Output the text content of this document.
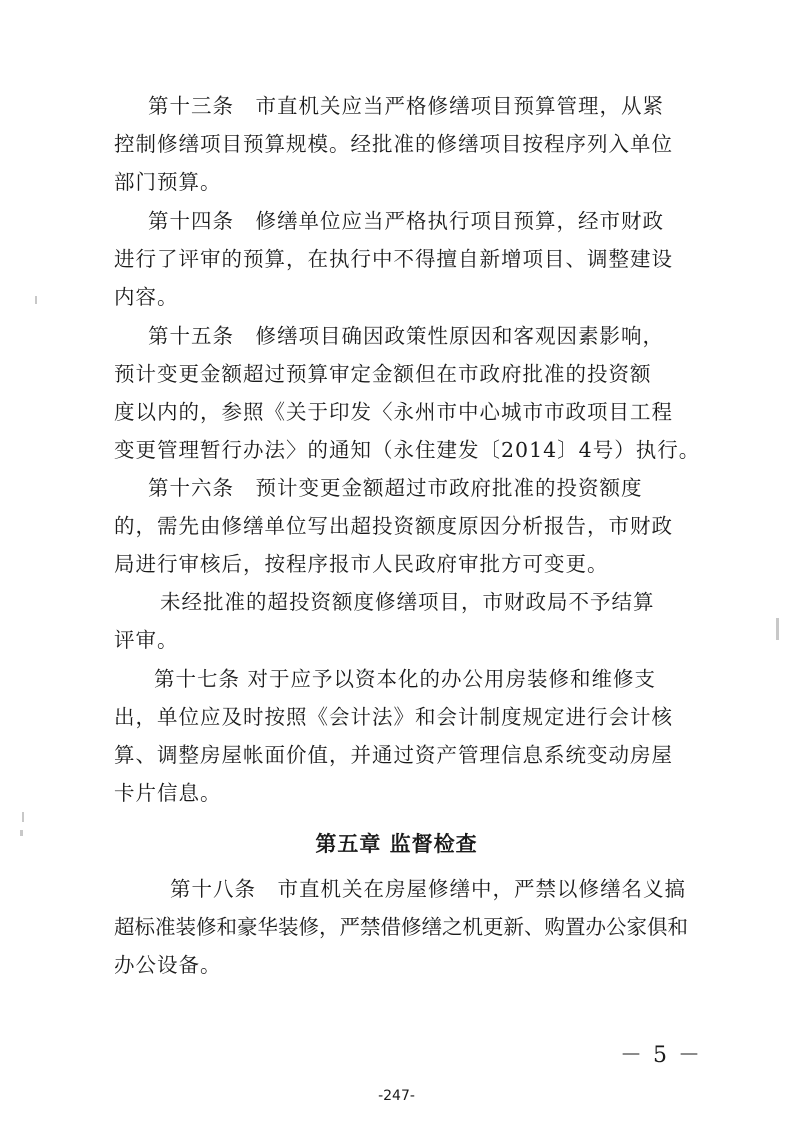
第十三条　市直机关应当严格修缮项目预算管理，从紧
控制修缮项目预算规模。经批准的修缮项目按程序列入单位
部门预算。
第十四条　修缮单位应当严格执行项目预算，经市财政
进行了评审的预算，在执行中不得擅自新增项目、调整建设
内容。
第十五条　修缮项目确因政策性原因和客观因素影响，
预计变更金额超过预算审定金额但在市政府批准的投资额
度以内的，参照《关于印发〈永州市中心城市市政项目工程
变更管理暂行办法〉的通知（永住建发〔2014〕4号）执行。
第十六条　预计变更金额超过市政府批准的投资额度
的，需先由修缮单位写出超投资额度原因分析报告，市财政
局进行审核后，按程序报市人民政府审批方可变更。
未经批准的超投资额度修缮项目，市财政局不予结算
评审。
第十七条 对于应予以资本化的办公用房装修和维修支
出，单位应及时按照《会计法》和会计制度规定进行会计核
算、调整房屋帐面价值，并通过资产管理信息系统变动房屋
卡片信息。
第五章 监督检查
第十八条　市直机关在房屋修缮中，严禁以修缮名义搞
超标准装修和豪华装修，严禁借修缮之机更新、购置办公家俱和
办公设备。
－ 5 －
-247-
